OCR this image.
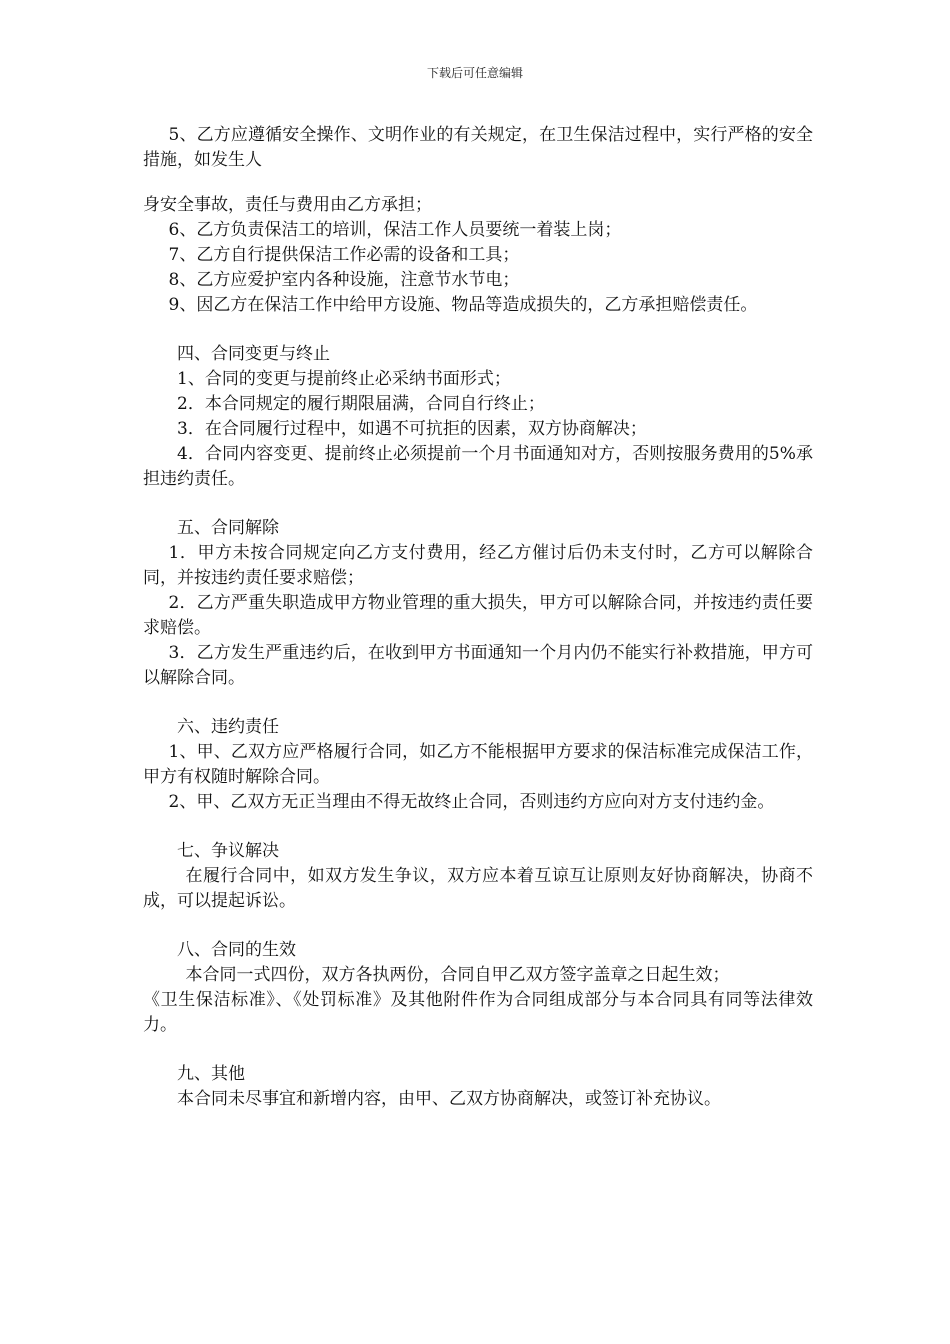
下载后可任意编辑

5、乙方应遵循安全操作、文明作业的有关规定，在卫生保洁过程中，实行严格的安全措施，如发生人

身安全事故，责任与费用由乙方承担；

6、乙方负责保洁工的培训，保洁工作人员要统一着装上岗；

7、乙方自行提供保洁工作必需的设备和工具；

8、乙方应爱护室内各种设施，注意节水节电；

9、因乙方在保洁工作中给甲方设施、物品等造成损失的，乙方承担赔偿责任。

四、合同变更与终止

1、合同的变更与提前终止必采纳书面形式；

2．本合同规定的履行期限届满，合同自行终止；

3．在合同履行过程中，如遇不可抗拒的因素，双方协商解决；

4．合同内容变更、提前终止必须提前一个月书面通知对方，否则按服务费用的5%承担违约责任。

五、合同解除

1．甲方未按合同规定向乙方支付费用，经乙方催讨后仍未支付时，乙方可以解除合同，并按违约责任要求赔偿；

2．乙方严重失职造成甲方物业管理的重大损失，甲方可以解除合同，并按违约责任要求赔偿。

3．乙方发生严重违约后，在收到甲方书面通知一个月内仍不能实行补救措施，甲方可以解除合同。

六、违约责任

1、甲、乙双方应严格履行合同，如乙方不能根据甲方要求的保洁标准完成保洁工作，甲方有权随时解除合同。

2、甲、乙双方无正当理由不得无故终止合同，否则违约方应向对方支付违约金。

七、争议解决

在履行合同中，如双方发生争议，双方应本着互谅互让原则友好协商解决，协商不成，可以提起诉讼。

八、合同的生效

本合同一式四份，双方各执两份，合同自甲乙双方签字盖章之日起生效；

《卫生保洁标准》、《处罚标准》及其他附件作为合同组成部分与本合同具有同等法律效力。

九、其他

本合同未尽事宜和新增内容，由甲、乙双方协商解决，或签订补充协议。
